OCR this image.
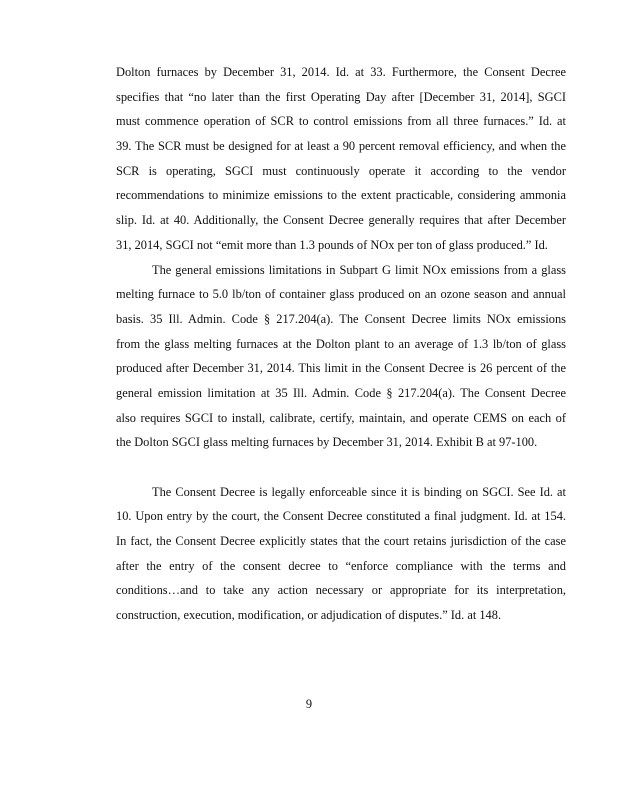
Dolton furnaces by December 31, 2014. Id. at 33. Furthermore, the Consent Decree
specifies that “no later than the first Operating Day after [December 31, 2014], SGCI
must commence operation of SCR to control emissions from all three furnaces.” Id. at
39. The SCR must be designed for at least a 90 percent removal efficiency, and when the
SCR is operating, SGCI must continuously operate it according to the vendor
recommendations to minimize emissions to the extent practicable, considering ammonia
slip. Id. at 40. Additionally, the Consent Decree generally requires that after December
31, 2014, SGCI not “emit more than 1.3 pounds of NOx per ton of glass produced.” Id.
The general emissions limitations in Subpart G limit NOx emissions from a glass
melting furnace to 5.0 lb/ton of container glass produced on an ozone season and annual
basis. 35 Ill. Admin. Code § 217.204(a). The Consent Decree limits NOx emissions
from the glass melting furnaces at the Dolton plant to an average of 1.3 lb/ton of glass
produced after December 31, 2014. This limit in the Consent Decree is 26 percent of the
general emission limitation at 35 Ill. Admin. Code § 217.204(a). The Consent Decree
also requires SGCI to install, calibrate, certify, maintain, and operate CEMS on each of
the Dolton SGCI glass melting furnaces by December 31, 2014. Exhibit B at 97-100.
The Consent Decree is legally enforceable since it is binding on SGCI. See Id. at
10. Upon entry by the court, the Consent Decree constituted a final judgment. Id. at 154.
In fact, the Consent Decree explicitly states that the court retains jurisdiction of the case
after the entry of the consent decree to “enforce compliance with the terms and
conditions…and to take any action necessary or appropriate for its interpretation,
construction, execution, modification, or adjudication of disputes.” Id. at 148.
9
